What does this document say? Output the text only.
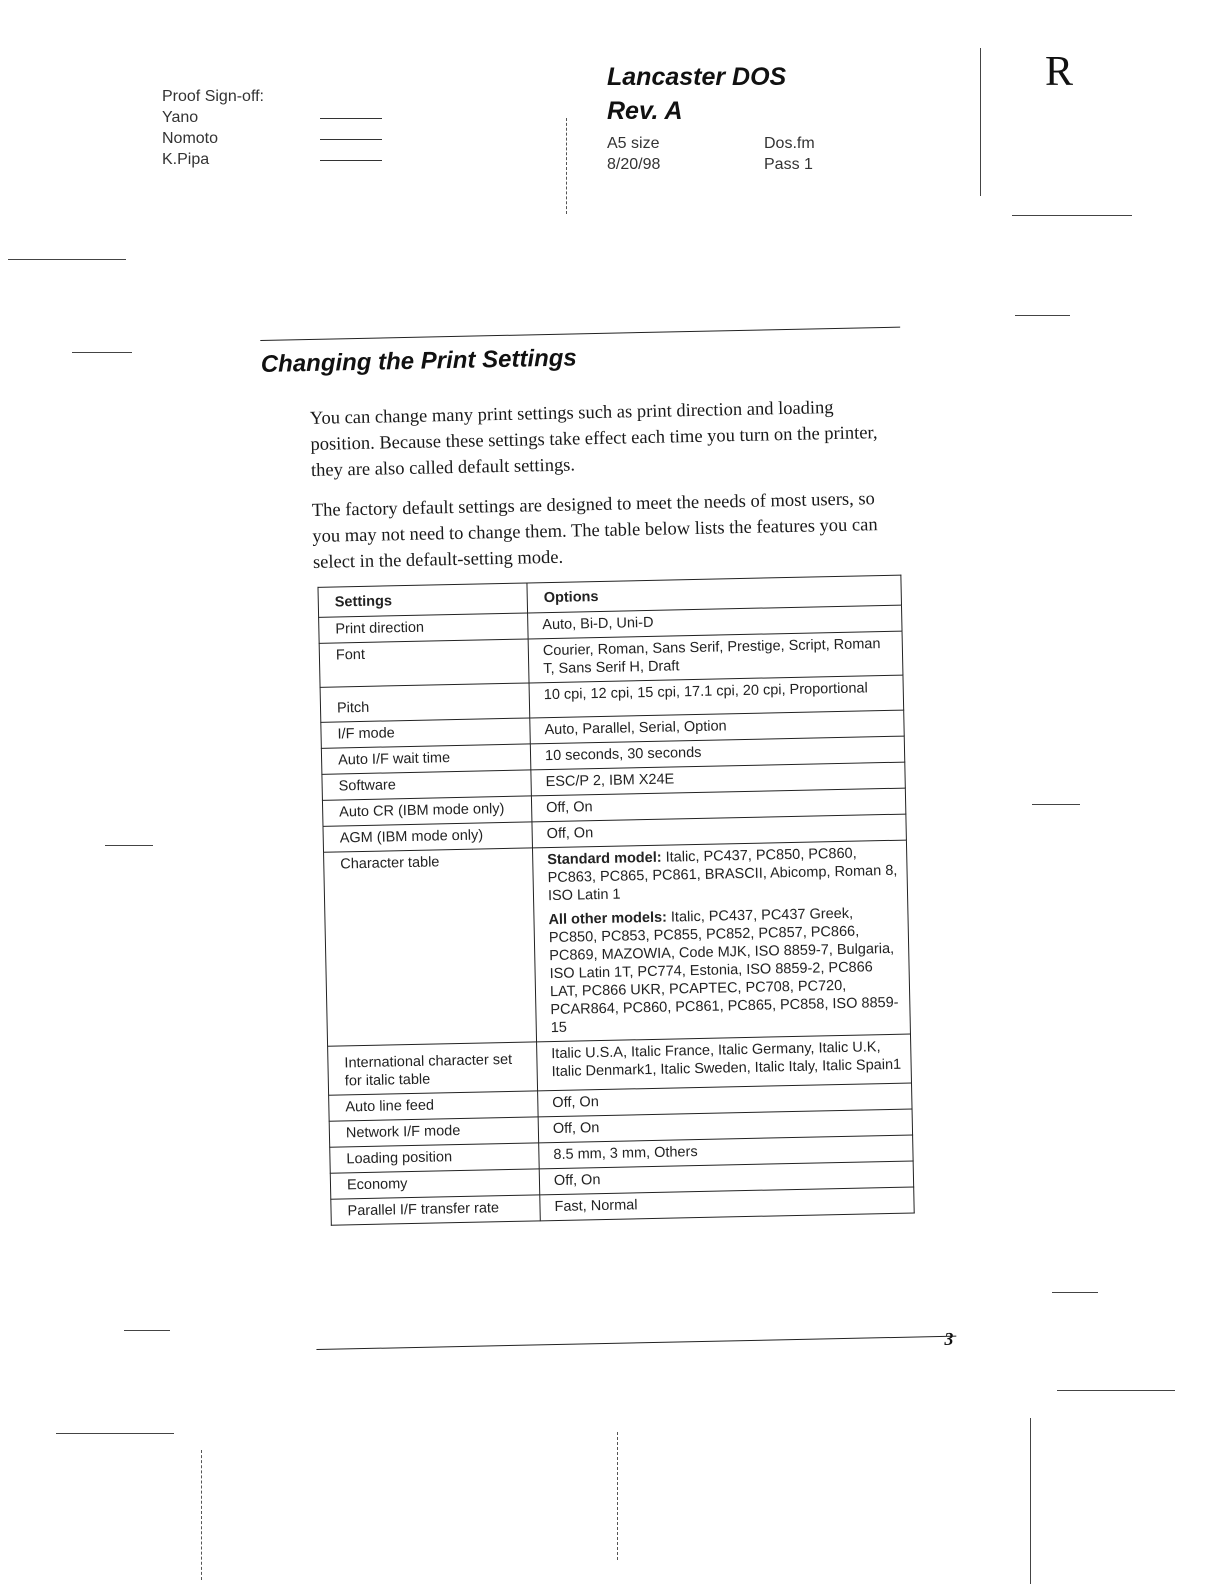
Proof Sign-off:
Yano
Nomoto
K.Pipa
Lancaster DOS
Rev. A
A5 size
8/20/98
Dos.fm
Pass 1
R
Changing the Print Settings
You can change many print settings such as print direction and loading position. Because these settings take effect each time you turn on the printer, they are also called default settings.
The factory default settings are designed to meet the needs of most users, so you may not need to change them. The table below lists the features you can select in the default-setting mode.
Settings	Options
Print direction	Auto, Bi-D, Uni-D
Font	Courier, Roman, Sans Serif, Prestige, Script, Roman T, Sans Serif H, Draft
Pitch	10 cpi, 12 cpi, 15 cpi, 17.1 cpi, 20 cpi, Proportional
I/F mode	Auto, Parallel, Serial, Option
Auto I/F wait time	10 seconds, 30 seconds
Software	ESC/P 2, IBM X24E
Auto CR (IBM mode only)	Off, On
AGM (IBM mode only)	Off, On
Character table	Standard model: Italic, PC437, PC850, PC860, PC863, PC865, PC861, BRASCII, Abicomp, Roman 8, ISO Latin 1
All other models: Italic, PC437, PC437 Greek, PC850, PC853, PC855, PC852, PC857, PC866, PC869, MAZOWIA, Code MJK, ISO 8859-7, Bulgaria, ISO Latin 1T, PC774, Estonia, ISO 8859-2, PC866 LAT, PC866 UKR, PCAPTEC, PC708, PC720, PCAR864, PC860, PC861, PC865, PC858, ISO 8859-15

International character set for italic table	Italic U.S.A, Italic France, Italic Germany, Italic U.K, Italic Denmark1, Italic Sweden, Italic Italy, Italic Spain1
Auto line feed	Off, On
Network I/F mode	Off, On
Loading position	8.5 mm, 3 mm, Others
Economy	Off, On
Parallel I/F transfer rate	Fast, Normal
3
